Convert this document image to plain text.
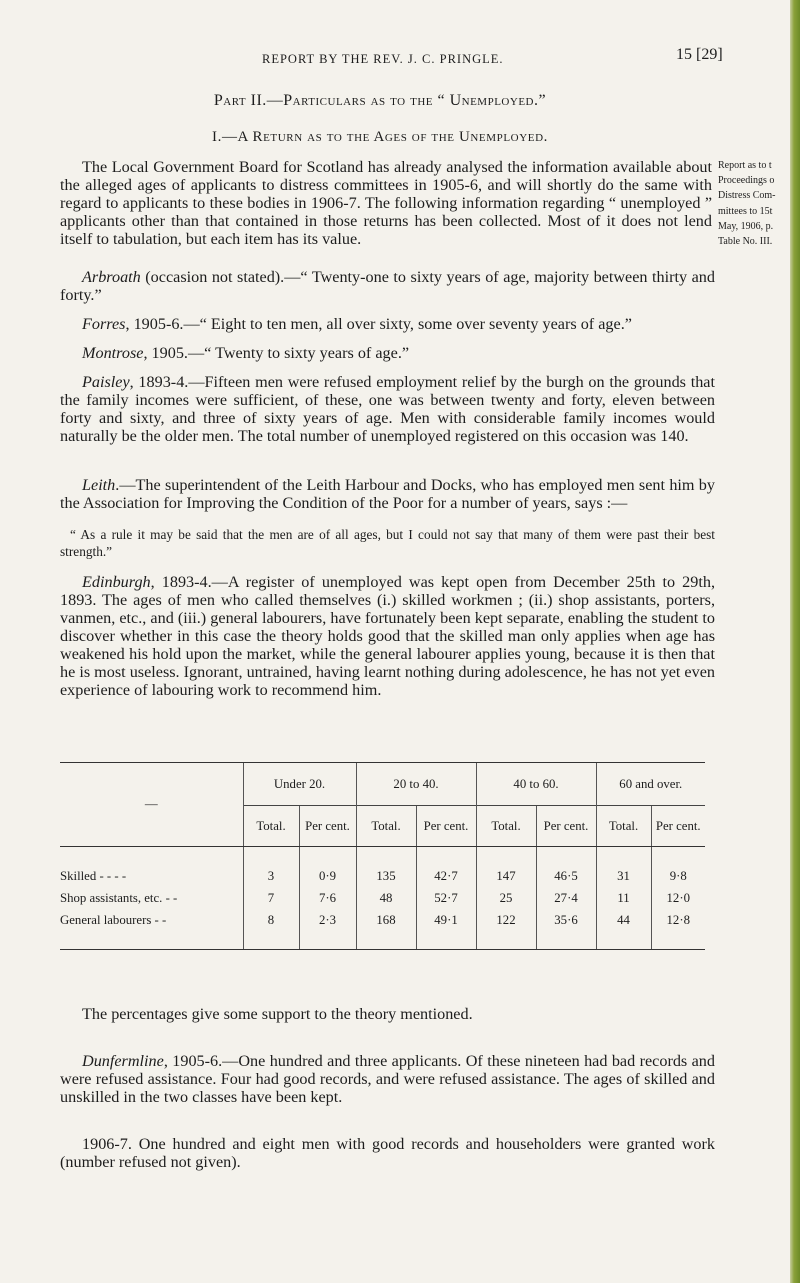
REPORT BY THE REV. J. C. PRINGLE.	15 [29]
Part II.—Particulars as to the “ Unemployed.”
I.—A Return as to the Ages of the Unemployed.
Report as to t
Proceedings o
Distress Com-
mittees to 15t
May, 1906, p.
Table No. III.

The Local Government Board for Scotland has already analysed the information available about the alleged ages of applicants to distress committees in 1905-6, and will shortly do the same with regard to applicants to these bodies in 1906-7. The following information regarding “ unemployed ” applicants other than that contained in those returns has been collected. Most of it does not lend itself to tabulation, but each item has its value.

Arbroath (occasion not stated).—“ Twenty-one to sixty years of age, majority between thirty and forty.”

Forres, 1905-6.—“ Eight to ten men, all over sixty, some over seventy years of age.”

Montrose, 1905.—“ Twenty to sixty years of age.”

Paisley, 1893-4.—Fifteen men were refused employment relief by the burgh on the grounds that the family incomes were sufficient, of these, one was between twenty and forty, eleven between forty and sixty, and three of sixty years of age. Men with considerable family incomes would naturally be the older men. The total number of unemployed registered on this occasion was 140.

Leith.—The superintendent of the Leith Harbour and Docks, who has employed men sent him by the Association for Improving the Condition of the Poor for a number of years, says :—

“ As a rule it may be said that the men are of all ages, but I could not say that many of them were past their best strength.”

Edinburgh, 1893-4.—A register of unemployed was kept open from December 25th to 29th, 1893. The ages of men who called themselves (i.) skilled workmen ; (ii.) shop assistants, porters, vanmen, etc., and (iii.) general labourers, have fortunately been kept separate, enabling the student to discover whether in this case the theory holds good that the skilled man only applies when age has weakened his hold upon the market, while the general labourer applies young, because it is then that he is most useless. Ignorant, untrained, having learnt nothing during adolescence, he has not yet even experience of labouring work to recommend him.

—	Under 20.		20 to 40.		40 to 60.		60 and over.	
	Total.	Per cent.	Total.	Per cent.	Total.	Per cent.	Total.	Per cent.

Skilled - - - -	3	0·9	135	42·7	147	46·5	31	9·8
Shop assistants, etc. - -	7	7·6	48	52·7	25	27·4	11	12·0
General labourers - -	8	2·3	168	49·1	122	35·6	44	12·8

The percentages give some support to the theory mentioned.

Dunfermline, 1905-6.—One hundred and three applicants. Of these nineteen had bad records and were refused assistance. Four had good records, and were refused assistance. The ages of skilled and unskilled in the two classes have been kept.

1906-7. One hundred and eight men with good records and householders were granted work (number refused not given).
